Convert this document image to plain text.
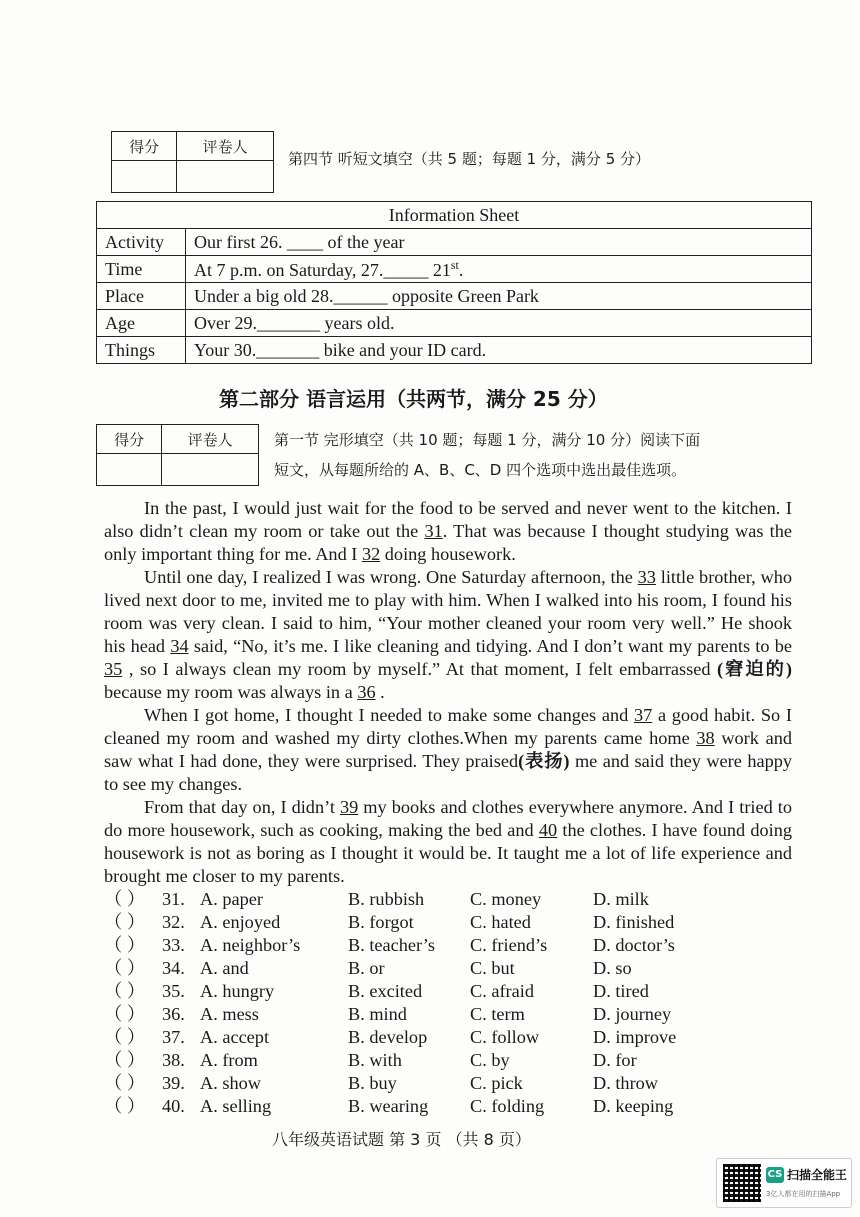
得分	评卷人

第四节 听短文填空（共 5 题；每题 1 分，满分 5 分）
Information Sheet	
Activity	Our first 26. ____ of the year
Time	At 7 p.m. on Saturday, 27._____ 21st.
Place	Under a big old 28.______ opposite Green Park
Age	Over 29._______ years old.
Things	Your 30._______ bike and your ID card.
第二部分 语言运用（共两节，满分 25 分）
得分	评卷人
		第一节 完形填空（共 10 题；每题 1 分，满分 10 分）阅读下面
短文，从每题所给的 A、B、C、D 四个选项中选出最佳选项。

In the past, I would just wait for the food to be served and never went to the kitchen. I also didn’t clean my room or take out the 31. That was because I thought studying was the only important thing for me. And I 32 doing housework.

Until one day, I realized I was wrong. One Saturday afternoon, the 33 little brother, who lived next door to me, invited me to play with him. When I walked into his room, I found his room was very clean. I said to him, “Your mother cleaned your room very well.” He shook his head 34 said, “No, it’s me. I like cleaning and tidying. And I don’t want my parents to be 35 , so I always clean my room by myself.” At that moment, I felt embarrassed (窘迫的) because my room was always in a 36 .

When I got home, I thought I needed to make some changes and 37 a good habit. So I cleaned my room and washed my dirty clothes.When my parents came home 38 work and saw what I had done, they were surprised. They praised(表扬) me and said they were happy to see my changes.

From that day on, I didn’t 39 my books and clothes everywhere anymore. And I tried to do more housework, such as cooking, making the bed and 40 the clothes. I have found doing housework is not as boring as I thought it would be. It taught me a lot of life experience and brought me closer to my parents.

（ ） 31. A. paper	B. rubbish	C. money	D. milk
（ ） 32. A. enjoyed	B. forgot	C. hated	D. finished
（ ） 33. A. neighbor’s	B. teacher’s C. friend’s	D. doctor’s
（ ） 34. A. and	B. or	C. but	D. so
（ ） 35. A. hungry	B. excited	C. afraid	D. tired
（ ） 36. A. mess	B. mind	C. term	D. journey
（ ） 37. A. accept	B. develop C. follow	D. improve
（ ） 38. A. from	B. with	C. by	D. for
（ ） 39. A. show	B. buy	C. pick	D. throw
（ ） 40. A. selling	B. wearing C. folding	D. keeping
八年级英语试题 第 3 页 （共 8 页）
CS 扫描全能王
3亿人都在用的扫描App
